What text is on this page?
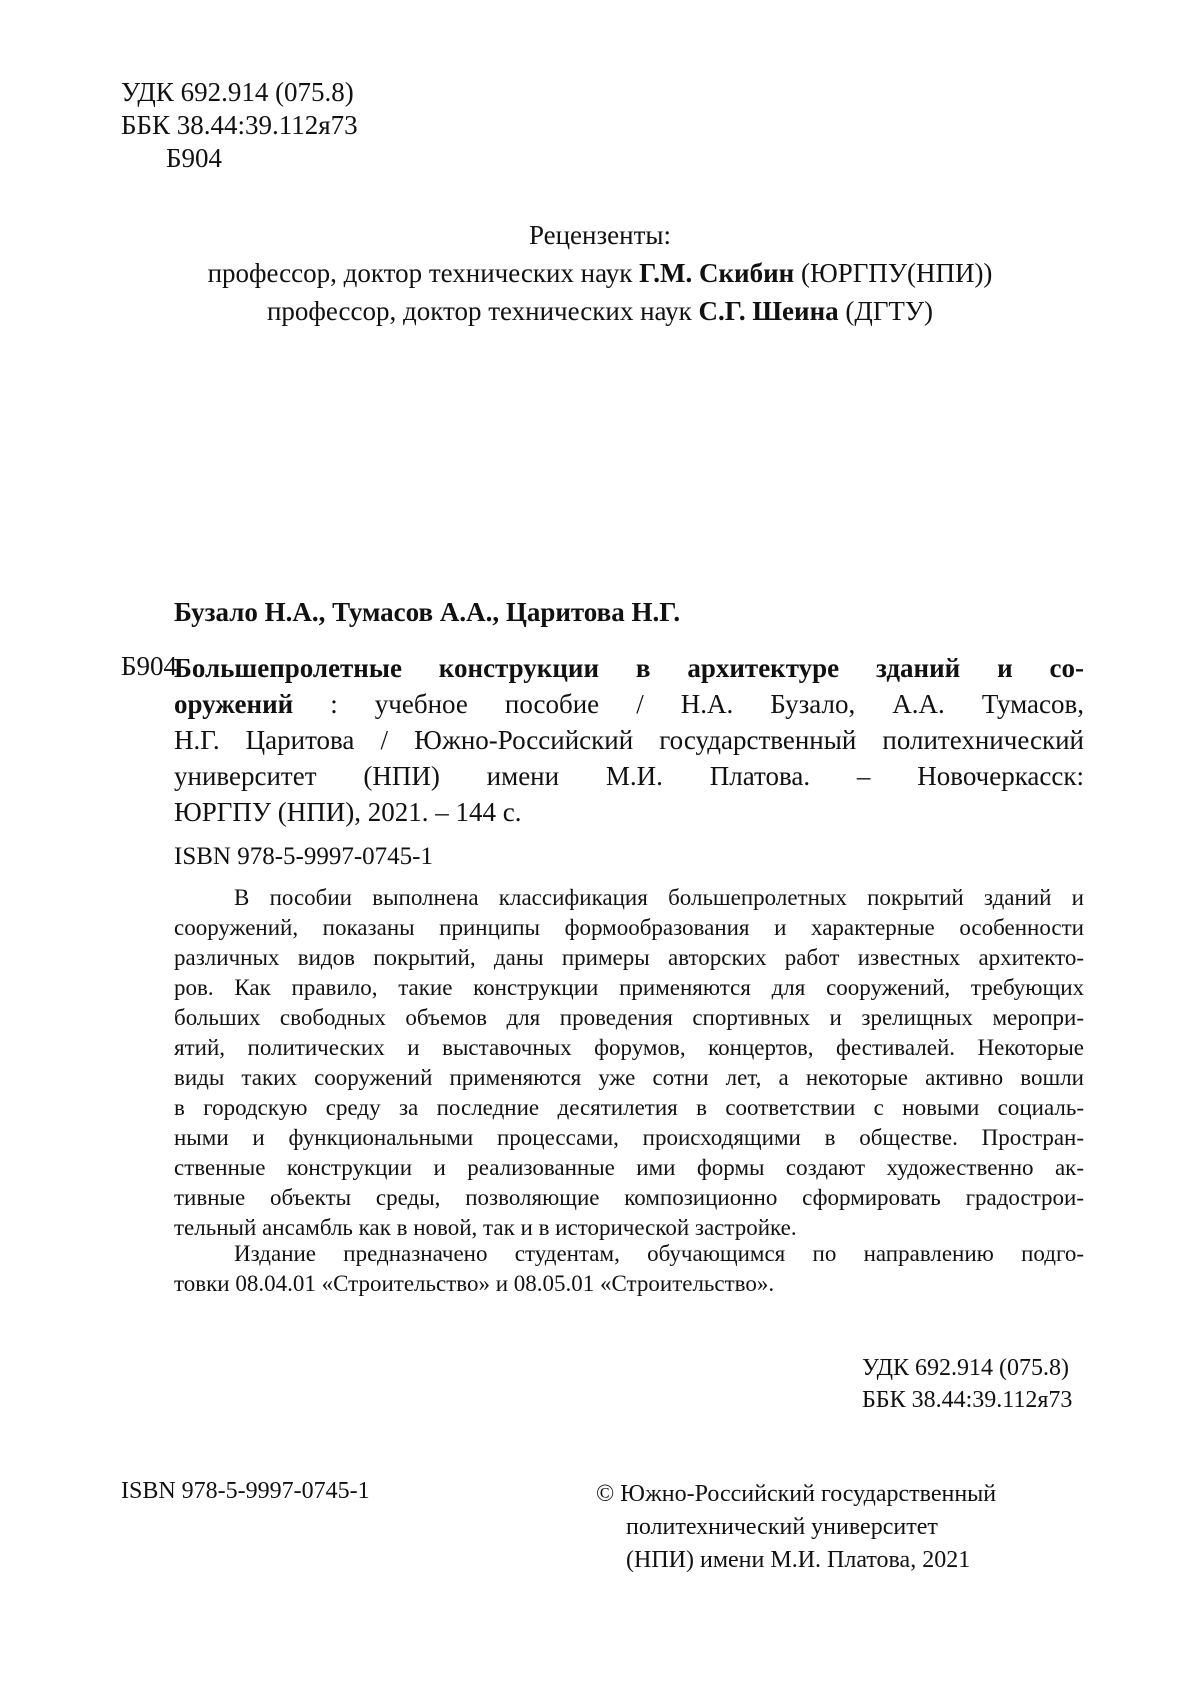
УДК 692.914 (075.8)
ББК 38.44:39.112я73
Б904
Рецензенты:
профессор, доктор технических наук Г.М. Скибин (ЮРГПУ(НПИ))
профессор, доктор технических наук С.Г. Шеина (ДГТУ)
Бузало Н.А., Тумасов А.А., Царитова Н.Г.
Б904
Большепролетные конструкции в архитектуре зданий и со-
оружений : учебное пособие / Н.А. Бузало, А.А. Тумасов,
Н.Г. Царитова / Южно-Российский государственный политехнический
университет (НПИ) имени М.И. Платова. – Новочеркасск:
ЮРГПУ (НПИ), 2021. – 144 с.
ISBN 978-5-9997-0745-1
В пособии выполнена классификация большепролетных покрытий зданий и
сооружений, показаны принципы формообразования и характерные особенности
различных видов покрытий, даны примеры авторских работ известных архитекто-
ров. Как правило, такие конструкции применяются для сооружений, требующих
больших свободных объемов для проведения спортивных и зрелищных меропри-
ятий, политических и выставочных форумов, концертов, фестивалей. Некоторые
виды таких сооружений применяются уже сотни лет, а некоторые активно вошли
в городскую среду за последние десятилетия в соответствии с новыми социаль-
ными и функциональными процессами, происходящими в обществе. Простран-
ственные конструкции и реализованные ими формы создают художественно ак-
тивные объекты среды, позволяющие композиционно сформировать градострои-
тельный ансамбль как в новой, так и в исторической застройке.
Издание предназначено студентам, обучающимся по направлению подго-
товки 08.04.01 «Строительство» и 08.05.01 «Строительство».
УДК 692.914 (075.8)
ББК 38.44:39.112я73
ISBN 978-5-9997-0745-1	© Южно-Российский государственный
политехнический университет
(НПИ) имени М.И. Платова, 2021
